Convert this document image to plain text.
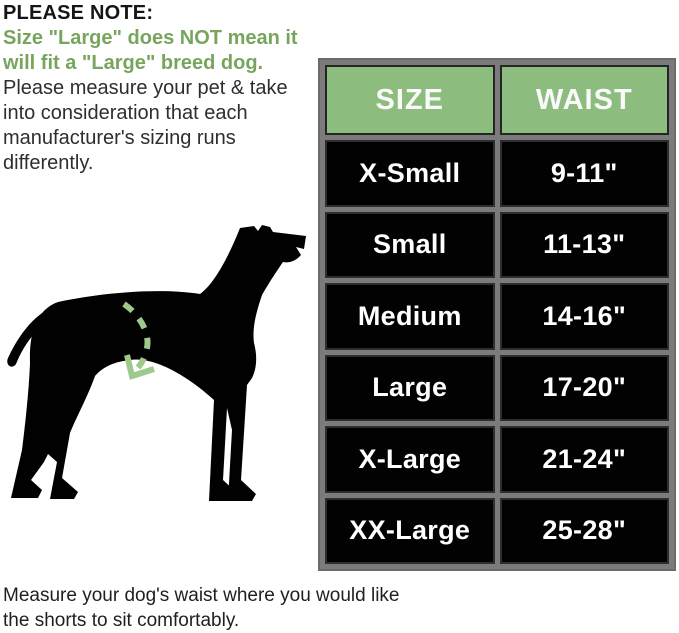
PLEASE NOTE:

Size "Large" does NOT mean it

will fit a "Large" breed dog.

Please measure your pet & take

into consideration that each

manufacturer's sizing runs

differently.

SIZE	WAIST
X-Small	9-11"
Small	11-13"
Medium	14-16"
Large	17-20"
X-Large	21-24"
XX-Large	25-28"

Measure your dog's waist where you would like

the shorts to sit comfortably.
